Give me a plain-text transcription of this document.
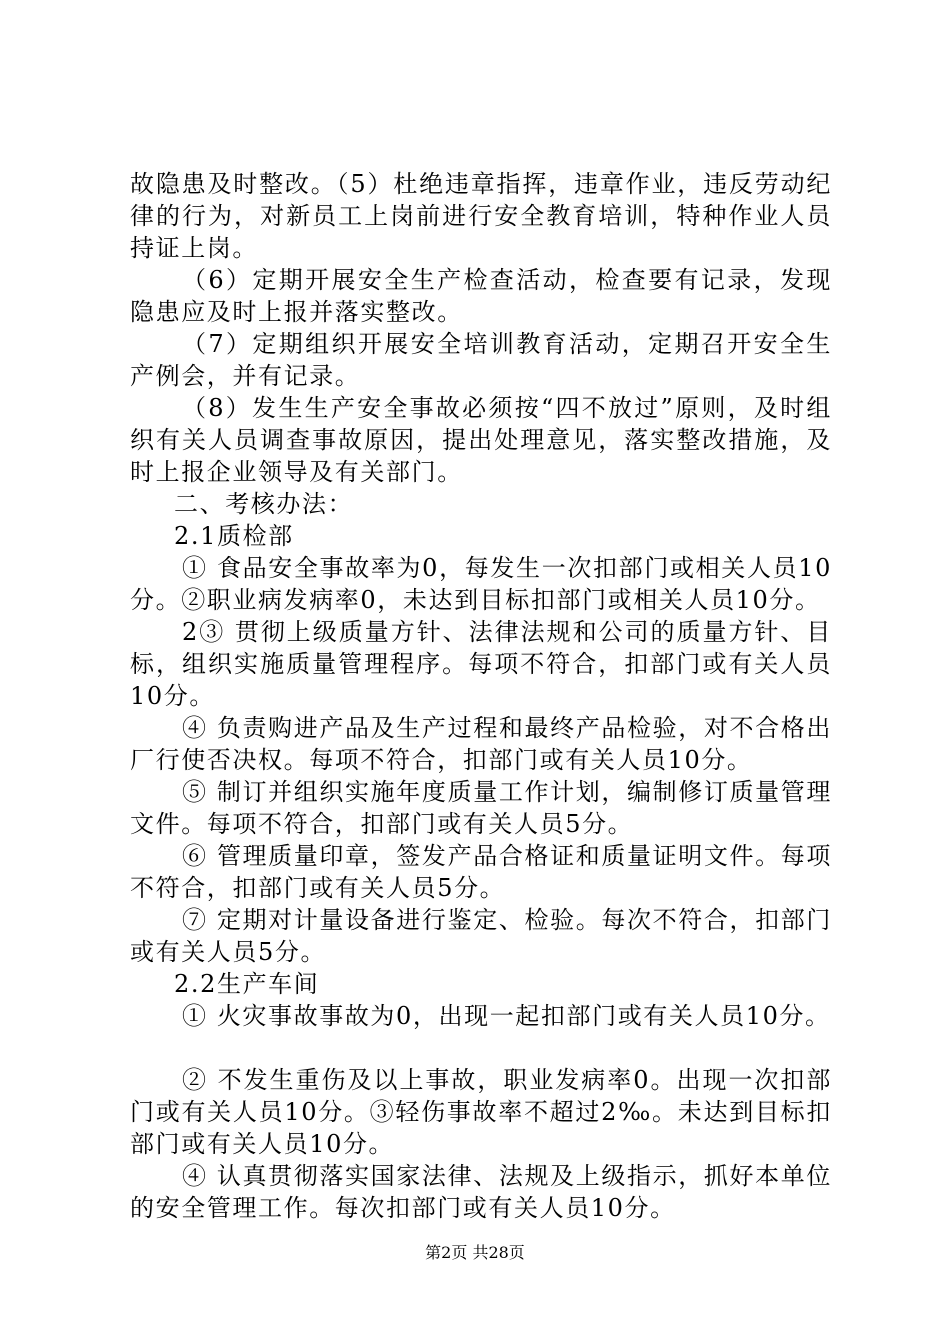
故隐患及时整改。（5）杜绝违章指挥，违章作业，违反劳动纪律的行为，对新员工上岗前进行安全教育培训，特种作业人员持证上岗。

（6）定期开展安全生产检查活动，检查要有记录，发现隐患应及时上报并落实整改。

（7）定期组织开展安全培训教育活动，定期召开安全生产例会，并有记录。

（8）发生生产安全事故必须按“四不放过”原则，及时组织有关人员调查事故原因，提出处理意见，落实整改措施，及时上报企业领导及有关部门。

二、考核办法：

2.1质检部

① 食品安全事故率为0，每发生一次扣部门或相关人员10分。②职业病发病率0，未达到目标扣部门或相关人员10分。

2③ 贯彻上级质量方针、法律法规和公司的质量方针、目标，组织实施质量管理程序。每项不符合，扣部门或有关人员10分。

④ 负责购进产品及生产过程和最终产品检验，对不合格出厂行使否决权。每项不符合，扣部门或有关人员10分。

⑤ 制订并组织实施年度质量工作计划，编制修订质量管理文件。每项不符合，扣部门或有关人员5分。

⑥ 管理质量印章，签发产品合格证和质量证明文件。每项不符合，扣部门或有关人员5分。

⑦ 定期对计量设备进行鉴定、检验。每次不符合，扣部门或有关人员5分。

2.2生产车间

① 火灾事故事故为0，出现一起扣部门或有关人员10分。

② 不发生重伤及以上事故，职业发病率0。出现一次扣部门或有关人员10分。③轻伤事故率不超过2‰。未达到目标扣部门或有关人员10分。

④ 认真贯彻落实国家法律、法规及上级指示，抓好本单位的安全管理工作。每次扣部门或有关人员10分。

第2页 共28页
